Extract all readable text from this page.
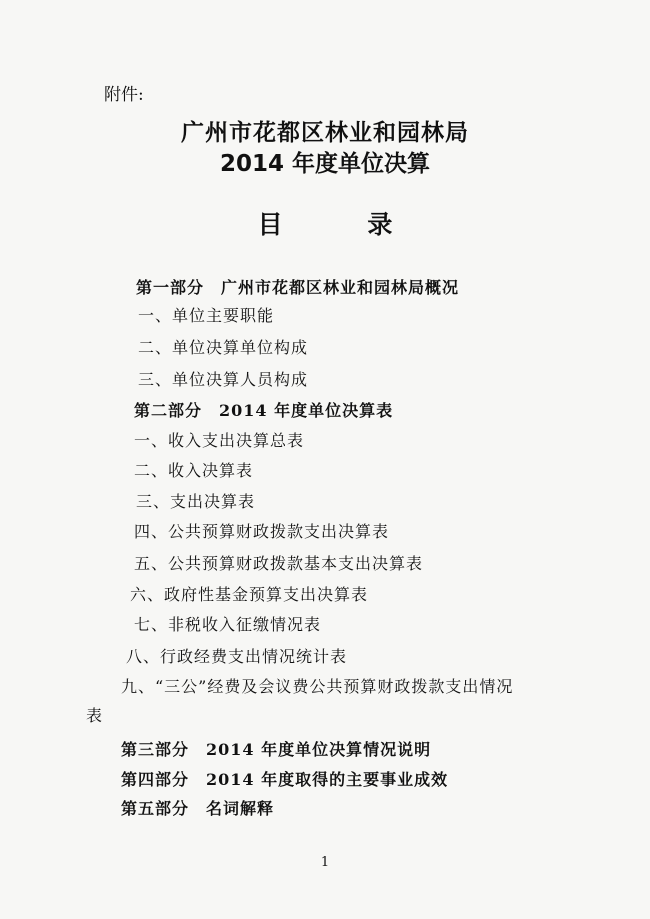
附件:
广州市花都区林业和园林局
2014 年度单位决算
目 录
第一部分　广州市花都区林业和园林局概况
一、单位主要职能
二、单位决算单位构成
三、单位决算人员构成
第二部分　2014 年度单位决算表
一、收入支出决算总表
二、收入决算表
三、支出决算表
四、公共预算财政拨款支出决算表
五、公共预算财政拨款基本支出决算表
六、政府性基金预算支出决算表
七、非税收入征缴情况表
八、行政经费支出情况统计表
九、“三公”经费及会议费公共预算财政拨款支出情况
第三部分　2014 年度单位决算情况说明
第四部分　2014 年度取得的主要事业成效
第五部分　名词解释
表
1
